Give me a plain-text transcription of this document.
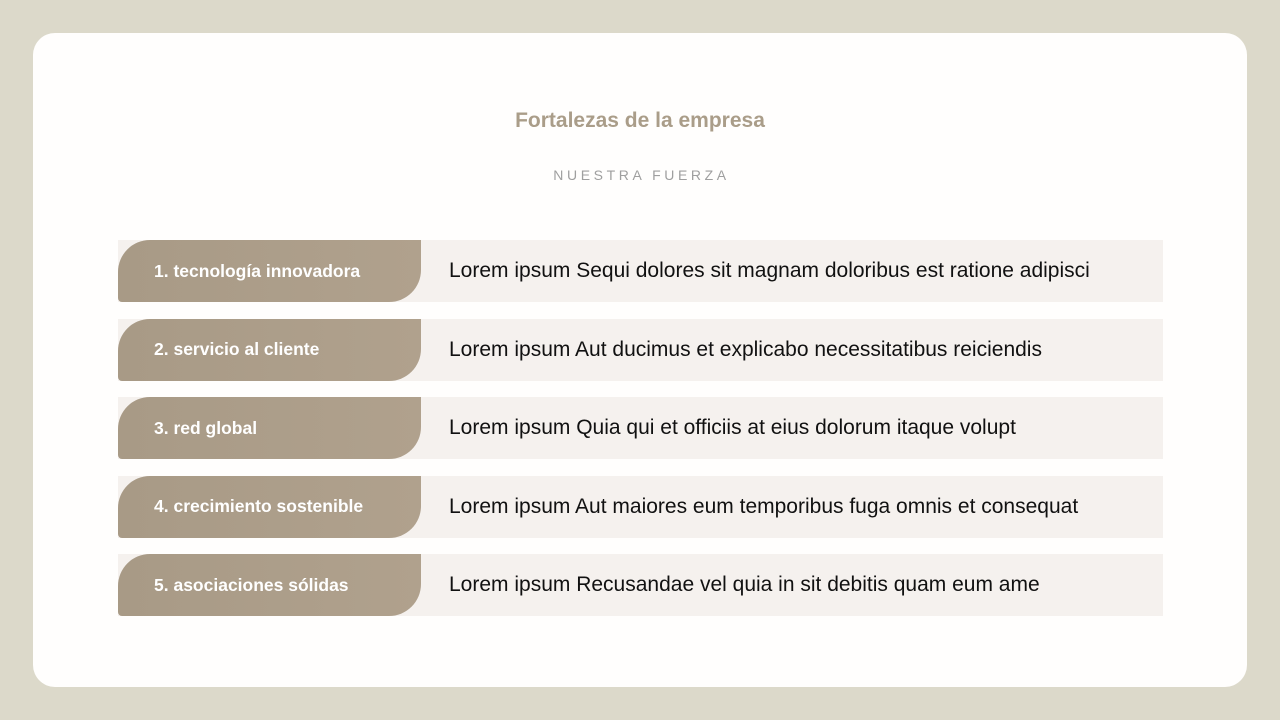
Fortalezas de la empresa
NUESTRA FUERZA
1. tecnología innovadora	Lorem ipsum Sequi dolores sit magnam doloribus est ratione adipisci
2. servicio al cliente	Lorem ipsum Aut ducimus et explicabo necessitatibus reiciendis
3. red global	Lorem ipsum Quia qui et officiis at eius dolorum itaque volupt
4. crecimiento sostenible	Lorem ipsum Aut maiores eum temporibus fuga omnis et consequat
5. asociaciones sólidas	Lorem ipsum Recusandae vel quia in sit debitis quam eum ame
